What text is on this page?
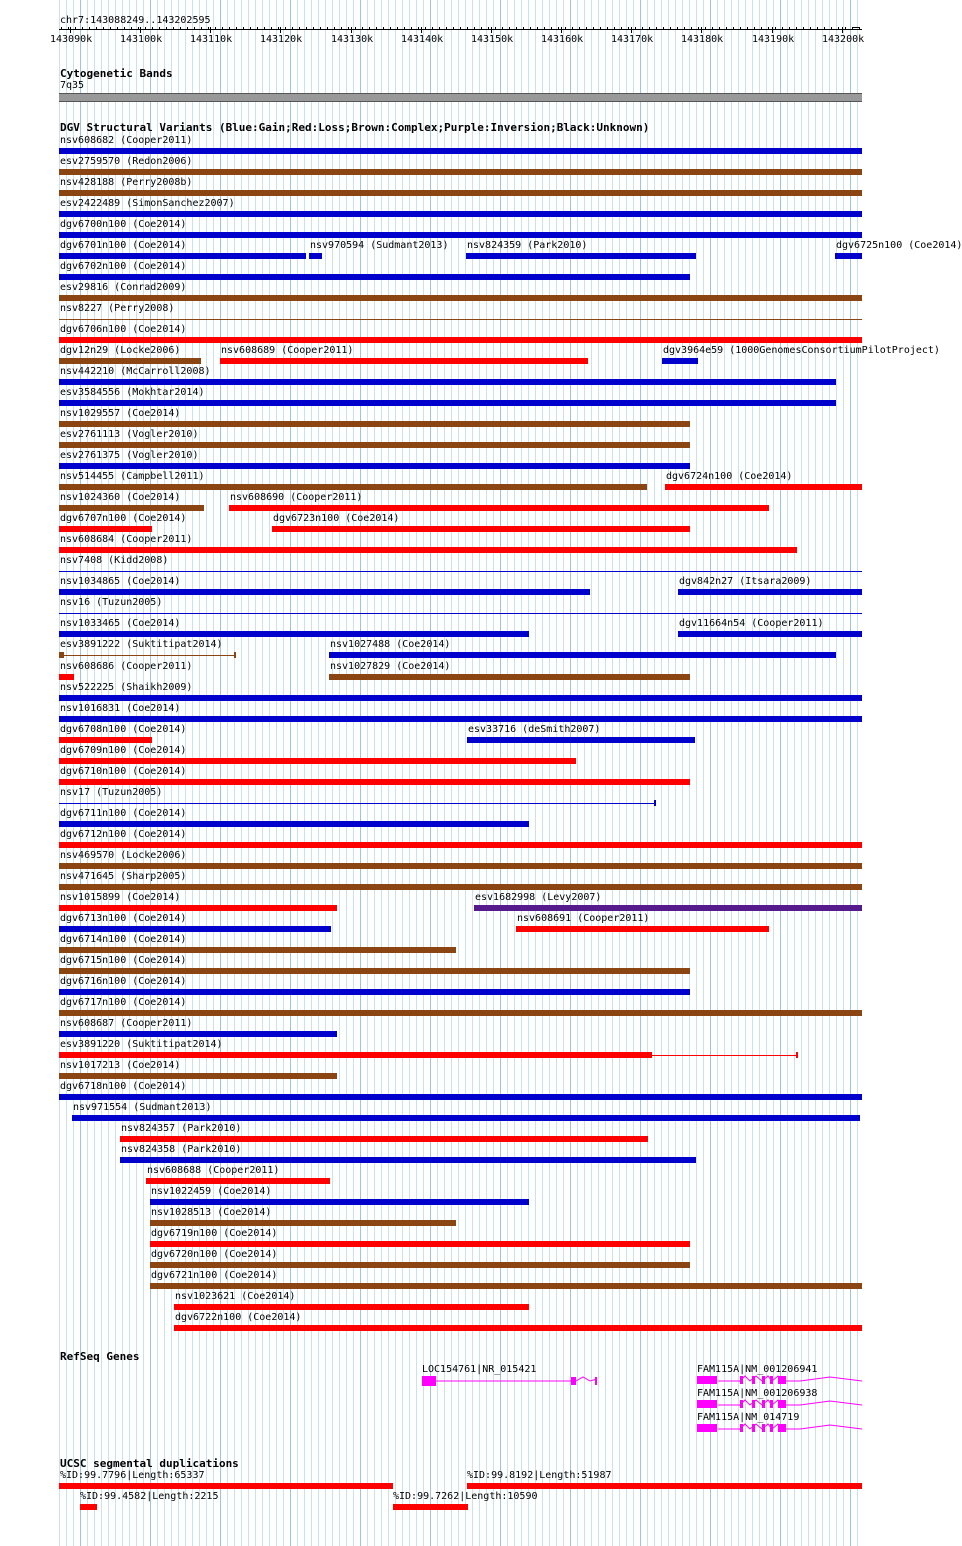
chr7:143088249..143202595
143090k	143100k	143110k	143120k	143130k	143140k	143150k	143160k	143170k	143180k	143190k	143200k
Cytogenetic Bands
7q35
DGV Structural Variants (Blue:Gain;Red:Loss;Brown:Complex;Purple:Inversion;Black:Unknown)
nsv608682 (Cooper2011)
esv2759570 (Redon2006)
nsv428188 (Perry2008b)
esv2422489 (SimonSanchez2007)
dgv6700n100 (Coe2014)
dgv6701n100 (Coe2014)	nsv970594 (Sudmant2013) nsv824359 (Park2010)	dgv6725n100 (Coe2014)
dgv6702n100 (Coe2014)
esv29816 (Conrad2009)
nsv8227 (Perry2008)
dgv6706n100 (Coe2014)
dgv12n29 (Locke2006)	nsv608689 (Cooper2011)	dgv3964e59 (1000GenomesConsortiumPilotProject)
nsv442210 (McCarroll2008)
esv3584556 (Mokhtar2014)
nsv1029557 (Coe2014)
esv2761113 (Vogler2010)
esv2761375 (Vogler2010)
nsv514455 (Campbell2011)	dgv6724n100 (Coe2014)
nsv1024360 (Coe2014)	nsv608690 (Cooper2011)
dgv6707n100 (Coe2014)	dgv6723n100 (Coe2014)
nsv608684 (Cooper2011)
nsv7408 (Kidd2008)
nsv1034865 (Coe2014)	dgv842n27 (Itsara2009)
nsv16 (Tuzun2005)
nsv1033465 (Coe2014)	dgv11664n54 (Cooper2011)
esv3891222 (Suktitipat2014)	nsv1027488 (Coe2014)
nsv608686 (Cooper2011)	nsv1027829 (Coe2014)
nsv522225 (Shaikh2009)
nsv1016831 (Coe2014)
dgv6708n100 (Coe2014)	esv33716 (deSmith2007)
dgv6709n100 (Coe2014)
dgv6710n100 (Coe2014)
nsv17 (Tuzun2005)
dgv6711n100 (Coe2014)
dgv6712n100 (Coe2014)
nsv469570 (Locke2006)
nsv471645 (Sharp2005)
nsv1015899 (Coe2014)	esv1682998 (Levy2007)
dgv6713n100 (Coe2014)	nsv608691 (Cooper2011)
dgv6714n100 (Coe2014)
dgv6715n100 (Coe2014)
dgv6716n100 (Coe2014)
dgv6717n100 (Coe2014)
nsv608687 (Cooper2011)
esv3891220 (Suktitipat2014)
nsv1017213 (Coe2014)
dgv6718n100 (Coe2014)
nsv971554 (Sudmant2013)
nsv824357 (Park2010)
nsv824358 (Park2010)
nsv608688 (Cooper2011)
nsv1022459 (Coe2014)
nsv1028513 (Coe2014)
dgv6719n100 (Coe2014)
dgv6720n100 (Coe2014)
dgv6721n100 (Coe2014)
nsv1023621 (Coe2014)
dgv6722n100 (Coe2014)
RefSeq Genes
LOC154761|NR_015421	FAM115A|NM_001206941
FAM115A|NM_001206938
FAM115A|NM_014719
UCSC segmental duplications
%ID:99.7796|Length:65337	%ID:99.8192|Length:51987
%ID:99.4582|Length:2215	%ID:99.7262|Length:10590
